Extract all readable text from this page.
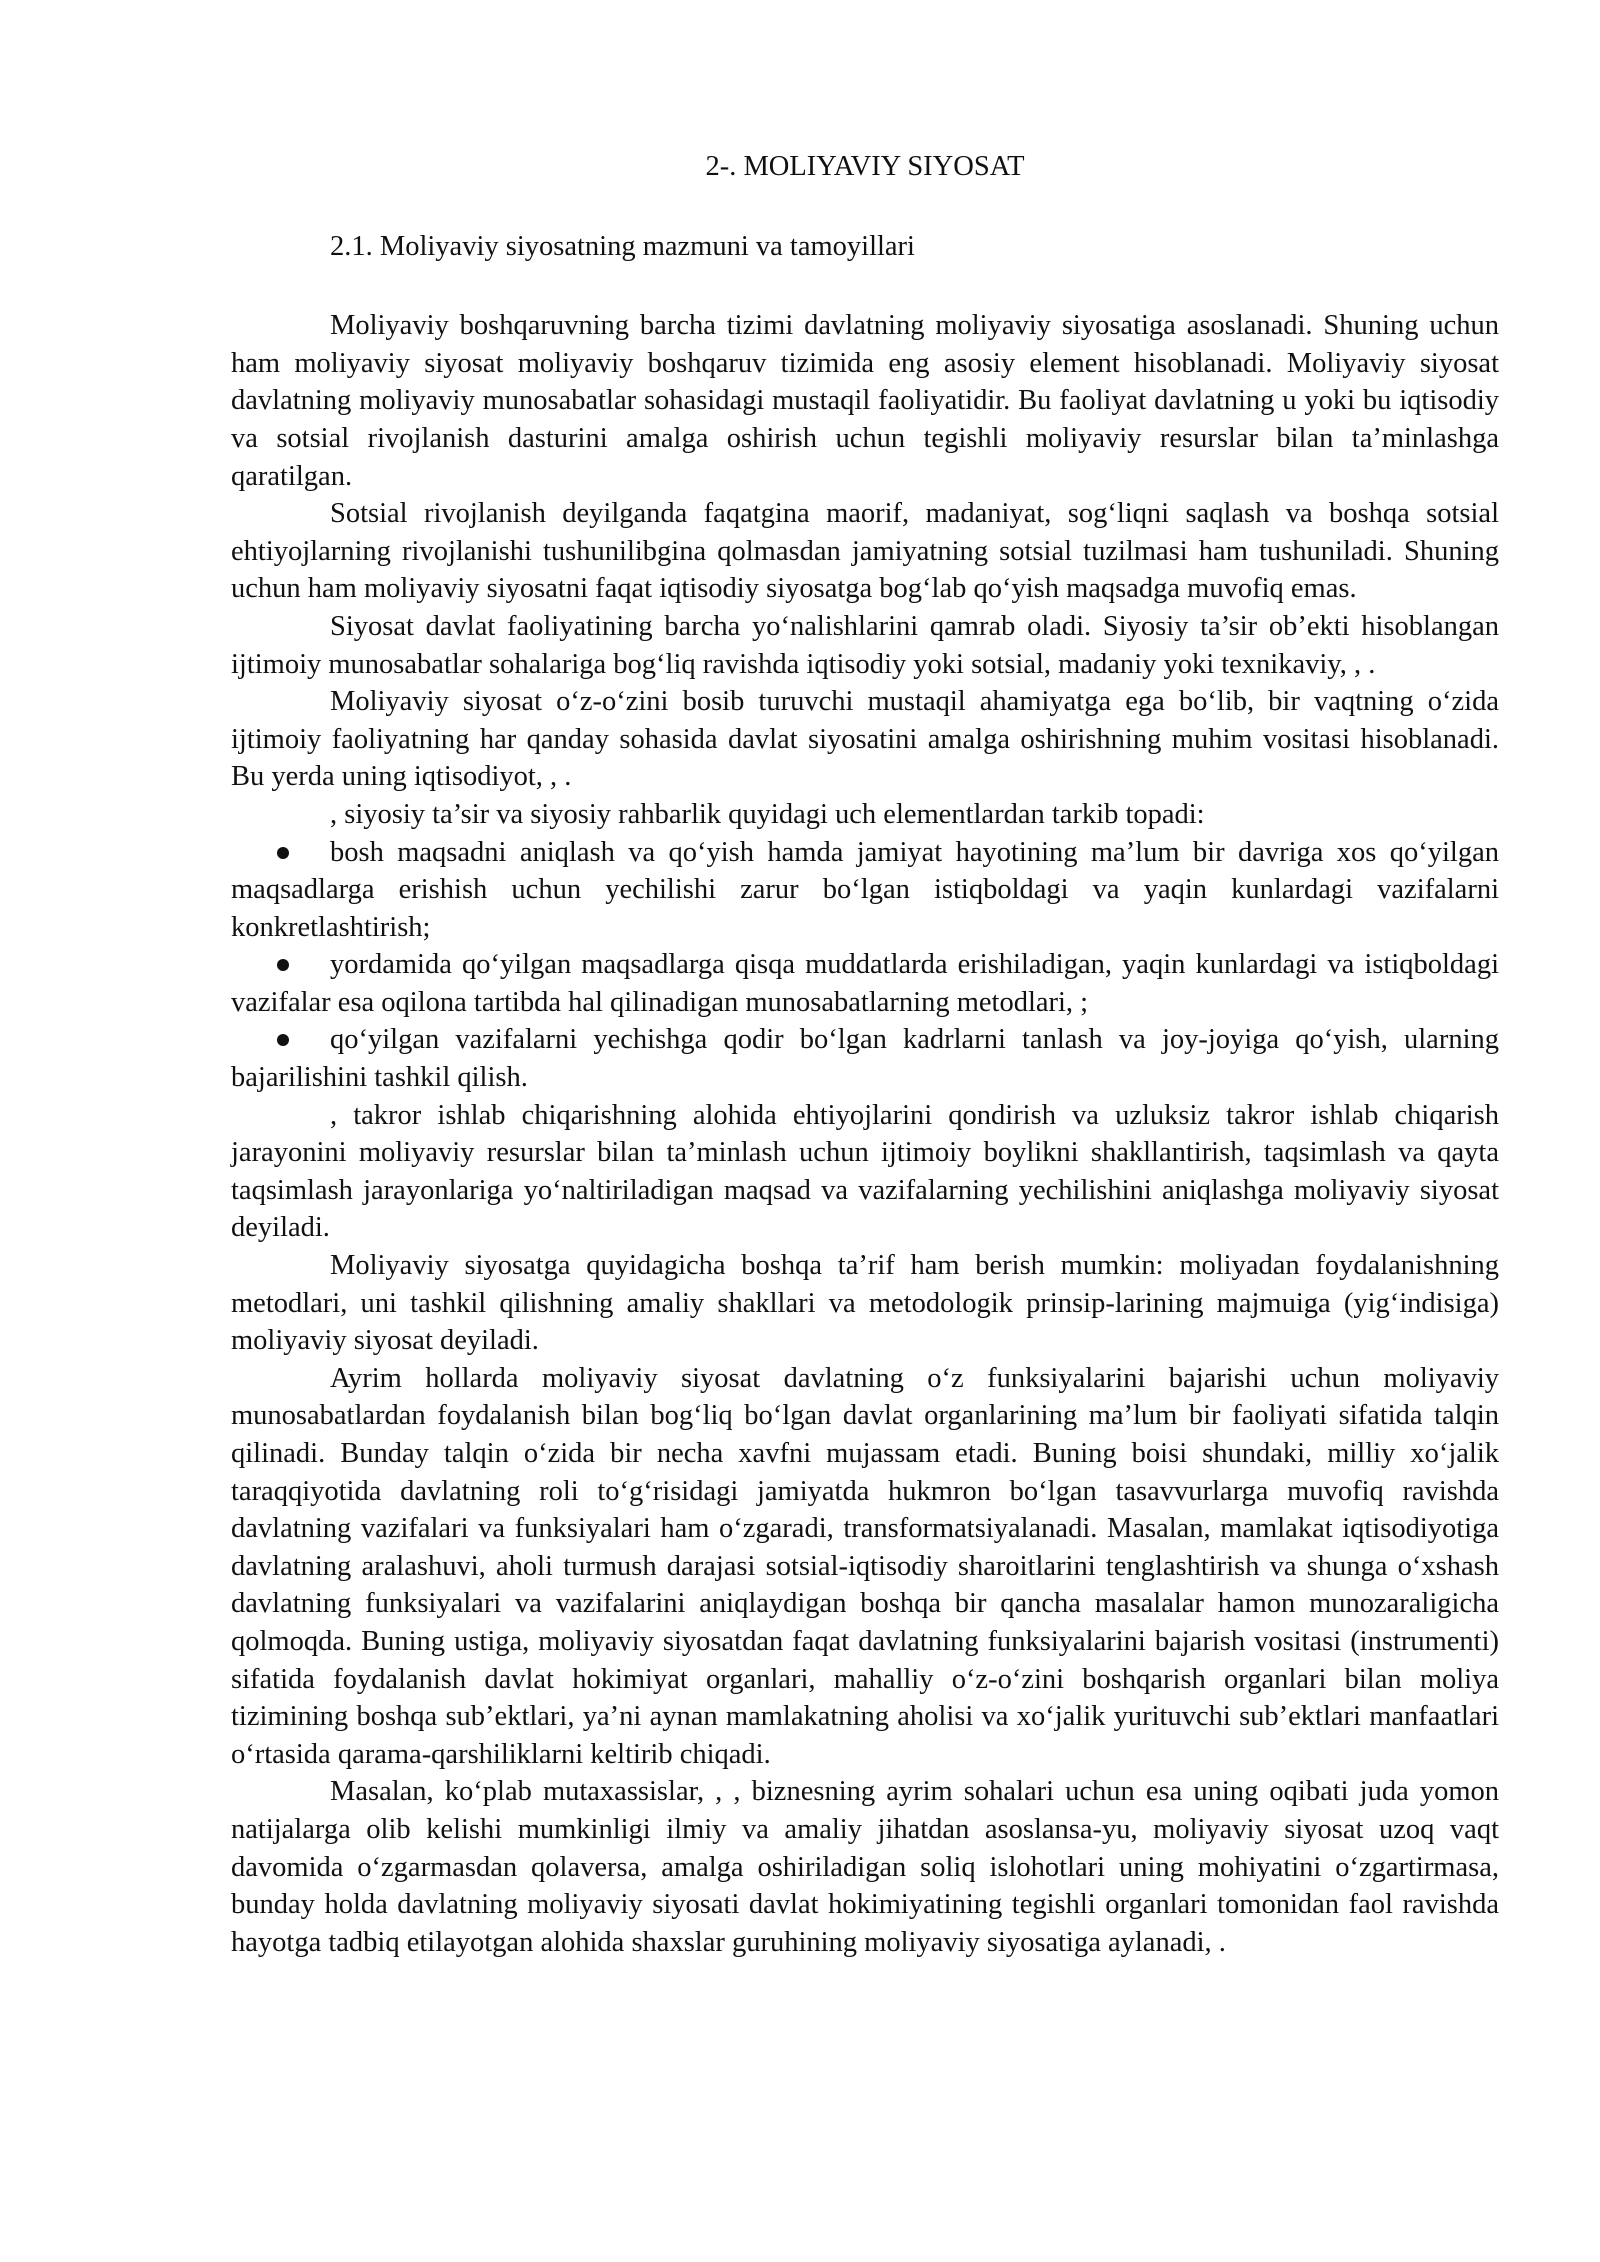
2-. MOLIYAVIY SIYOSAT
2.1. Moliyaviy siyosatning mazmuni va tamoyillari

Moliyaviy boshqaruvning barcha tizimi davlatning moliyaviy siyosatiga asoslanadi. Shuning uchun ham moliyaviy siyosat moliyaviy boshqaruv tizimida eng asosiy element hisoblanadi. Moliyaviy siyosat davlatning moliyaviy munosabatlar sohasidagi mustaqil faoliyatidir. Bu faoliyat davlatning u yoki bu iqtisodiy va sotsial rivojlanish dasturini amalga oshirish uchun tegishli moliyaviy resurslar bilan ta’minlashga qaratilgan.

Sotsial rivojlanish deyilganda faqatgina maorif, madaniyat, sog‘liqni saqlash va boshqa sotsial ehtiyojlarning rivojlanishi tushunilibgina qolmasdan jamiyatning sotsial tuzilmasi ham tushuniladi. Shuning uchun ham moliyaviy siyosatni faqat iqtisodiy siyosatga bog‘lab qo‘yish maqsadga muvofiq emas.

Siyosat davlat faoliyatining barcha yo‘nalishlarini qamrab oladi. Siyosiy ta’sir ob’ekti hisoblangan ijtimoiy munosabatlar sohalariga bog‘liq ravishda iqtisodiy yoki sotsial, madaniy yoki texnikaviy, , .

Moliyaviy siyosat o‘z-o‘zini bosib turuvchi mustaqil ahamiyatga ega bo‘lib, bir vaqtning o‘zida ijtimoiy faoliyatning har qanday sohasida davlat siyosatini amalga oshirishning muhim vositasi hisoblanadi. Bu yerda uning iqtisodiyot, , .

, siyosiy ta’sir va siyosiy rahbarlik quyidagi uch elementlardan tarkib topadi:

bosh maqsadni aniqlash va qo‘yish hamda jamiyat hayotining ma’lum bir davriga xos qo‘yilgan maqsadlarga erishish uchun yechilishi zarur bo‘lgan istiqboldagi va yaqin kunlardagi vazifalarni konkretlashtirish;

yordamida qo‘yilgan maqsadlarga qisqa muddatlarda erishiladigan, yaqin kunlardagi va istiqboldagi vazifalar esa oqilona tartibda hal qilinadigan munosabatlarning metodlari, ;

qo‘yilgan vazifalarni yechishga qodir bo‘lgan kadrlarni tanlash va joy-joyiga qo‘yish, ularning bajarilishini tashkil qilish.

, takror ishlab chiqarishning alohida ehtiyojlarini qondirish va uzluksiz takror ishlab chiqarish jarayonini moliyaviy resurslar bilan ta’minlash uchun ijtimoiy boylikni shakllantirish, taqsimlash va qayta taqsimlash jarayonlariga yo‘naltiriladigan maqsad va vazifalarning yechilishini aniqlashga moliyaviy siyosat deyiladi.

Moliyaviy siyosatga quyidagicha boshqa ta’rif ham berish mumkin: moliyadan foydalanishning metodlari, uni tashkil qilishning amaliy shakllari va metodologik prinsip-larining majmuiga (yig‘indisiga) moliyaviy siyosat deyiladi.

Ayrim hollarda moliyaviy siyosat davlatning o‘z funksiyalarini bajarishi uchun moliyaviy munosabatlardan foydalanish bilan bog‘liq bo‘lgan davlat organlarining ma’lum bir faoliyati sifatida talqin qilinadi. Bunday talqin o‘zida bir necha xavfni mujassam etadi. Buning boisi shundaki, milliy xo‘jalik taraqqiyotida davlatning roli to‘g‘risidagi jamiyatda hukmron bo‘lgan tasavvurlarga muvofiq ravishda davlatning vazifalari va funksiyalari ham o‘zgaradi, transformatsiyalanadi. Masalan, mamlakat iqtisodiyotiga davlatning aralashuvi, aholi turmush darajasi sotsial-iqtisodiy sharoitlarini tenglashtirish va shunga o‘xshash davlatning funksiyalari va vazifalarini aniqlaydigan boshqa bir qancha masalalar hamon munozaraligicha qolmoqda. Buning ustiga, moliyaviy siyosatdan faqat davlatning funksiyalarini bajarish vositasi (instrumenti) sifatida foydalanish davlat hokimiyat organlari, mahalliy o‘z-o‘zini boshqarish organlari bilan moliya tizimining boshqa sub’ektlari, ya’ni aynan mamlakatning aholisi va xo‘jalik yurituvchi sub’ektlari manfaatlari o‘rtasida qarama-qarshiliklarni keltirib chiqadi.

Masalan, ko‘plab mutaxassislar, , , biznesning ayrim sohalari uchun esa uning oqibati juda yomon natijalarga olib kelishi mumkinligi ilmiy va amaliy jihatdan asoslansa-yu, moliyaviy siyosat uzoq vaqt davomida o‘zgarmasdan qolaversa, amalga oshiriladigan soliq islohotlari uning mohiyatini o‘zgartirmasa, bunday holda davlatning moliyaviy siyosati davlat hokimiyatining tegishli organlari tomonidan faol ravishda hayotga tadbiq etilayotgan alohida shaxslar guruhining moliyaviy siyosatiga aylanadi, .
